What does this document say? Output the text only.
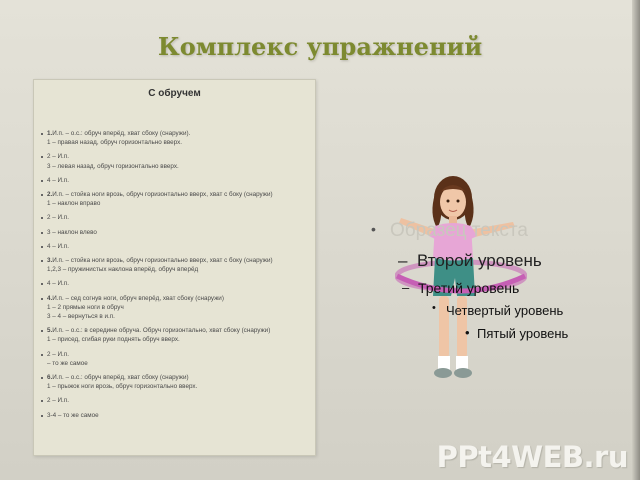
Комплекс упражнений
С обручем
1.И.п. – о.с.: обруч вперёд, хват сбоку (снаружи).
1 – правая назад, обруч горизонтально вверх.
2 – И.п.
3 – левая назад, обруч горизонтально вверх.
4 – И.п.
2.И.п. – стойка ноги врозь, обруч горизонтально вверх, хват с боку (снаружи)
1 – наклон вправо
2 – И.п.
3 – наклон влево
4 – И.п.
3.И.п. – стойка ноги врозь, обруч горизонтально вверх, хват с боку (снаружи)
1,2,3 – пружинистых наклона вперёд, обруч вперёд
4 – И.п.
4.И.п. – сед согнув ноги, обруч вперёд, хват сбоку (снаружи)
1 – 2 прямые ноги в обруч
3 – 4 – вернуться в и.п.
5.И.п. – о.с.: в середине обруча. Обруч горизонтально, хват сбоку (снаружи)
1 – присед, сгибая руки поднять обруч вверх.
2 – И.п.
– то же самое
6.И.п. – о.с.: обруч вперёд, хват сбоку (снаружи)
1 – прыжок ноги врозь, обруч горизонтально вверх.
2 – И.п.
3-4 – то же самое
• Образец текста
– Второй уровень
– Третий уровень
• Четвертый уровень
• Пятый уровень
PPt4WEB.ru
